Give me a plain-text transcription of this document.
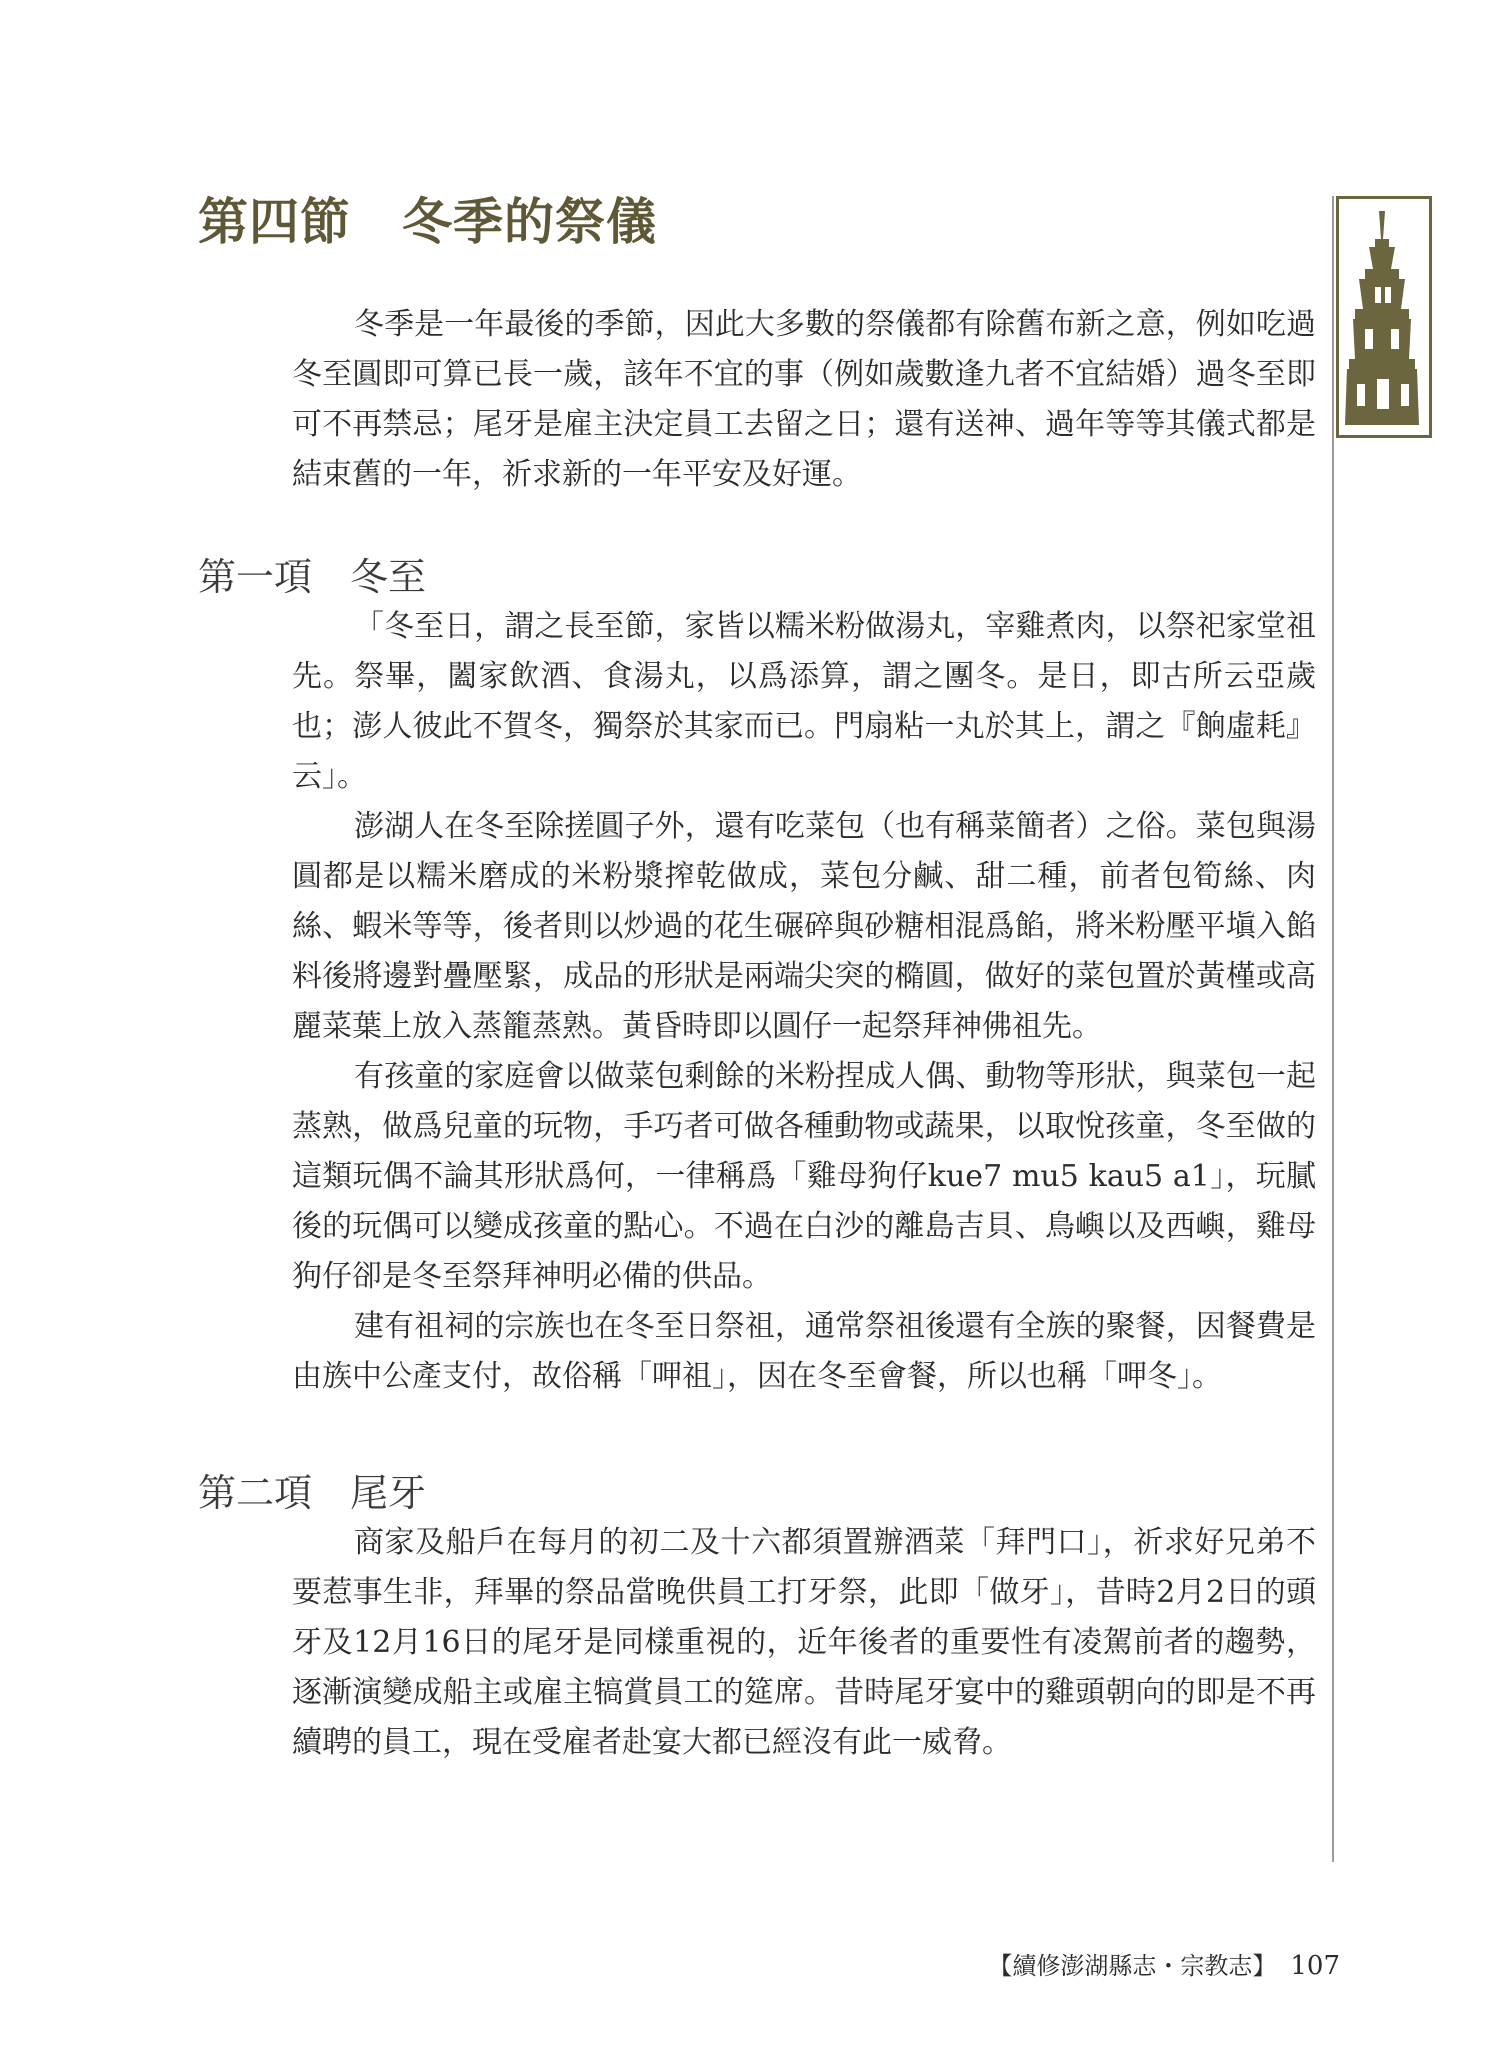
第四節　冬季的祭儀

冬季是一年最後的季節，因此大多數的祭儀都有除舊布新之意，例如吃過冬至圓即可算已長一歲，該年不宜的事（例如歲數逢九者不宜結婚）過冬至即可不再禁忌；尾牙是雇主決定員工去留之日；還有送神、過年等等其儀式都是結束舊的一年，祈求新的一年平安及好運。

第一項　冬至

「冬至日，謂之長至節，家皆以糯米粉做湯丸，宰雞煮肉，以祭祀家堂祖先。祭畢，闔家飲酒、食湯丸，以爲添算，謂之團冬。是日，即古所云亞歲也；澎人彼此不賀冬，獨祭於其家而已。門扇粘一丸於其上，謂之『餉虛耗』云」。

澎湖人在冬至除搓圓子外，還有吃菜包（也有稱菜簡者）之俗。菜包與湯圓都是以糯米磨成的米粉漿搾乾做成，菜包分鹹、甜二種，前者包筍絲、肉絲、蝦米等等，後者則以炒過的花生碾碎與砂糖相混爲餡，將米粉壓平塡入餡料後將邊對疊壓緊，成品的形狀是兩端尖突的橢圓，做好的菜包置於黃槿或高麗菜葉上放入蒸籠蒸熟。黃昏時即以圓仔一起祭拜神佛祖先。

有孩童的家庭會以做菜包剩餘的米粉捏成人偶、動物等形狀，與菜包一起蒸熟，做爲兒童的玩物，手巧者可做各種動物或蔬果，以取悅孩童，冬至做的這類玩偶不論其形狀爲何，一律稱爲「雞母狗仔kue7 mu5 kau5 a1」，玩膩後的玩偶可以變成孩童的點心。不過在白沙的離島吉貝、鳥嶼以及西嶼，雞母狗仔卻是冬至祭拜神明必備的供品。

建有祖祠的宗族也在冬至日祭祖，通常祭祖後還有全族的聚餐，因餐費是由族中公產支付，故俗稱「呷祖」，因在冬至會餐，所以也稱「呷冬」。

第二項　尾牙

商家及船戶在每月的初二及十六都須置辦酒菜「拜門口」，祈求好兄弟不要惹事生非，拜畢的祭品當晚供員工打牙祭，此即「做牙」，昔時2月2日的頭牙及12月16日的尾牙是同樣重視的，近年後者的重要性有凌駕前者的趨勢，逐漸演變成船主或雇主犒賞員工的筵席。昔時尾牙宴中的雞頭朝向的即是不再續聘的員工，現在受雇者赴宴大都已經沒有此一威脅。

【續修澎湖縣志・宗教志】 107
